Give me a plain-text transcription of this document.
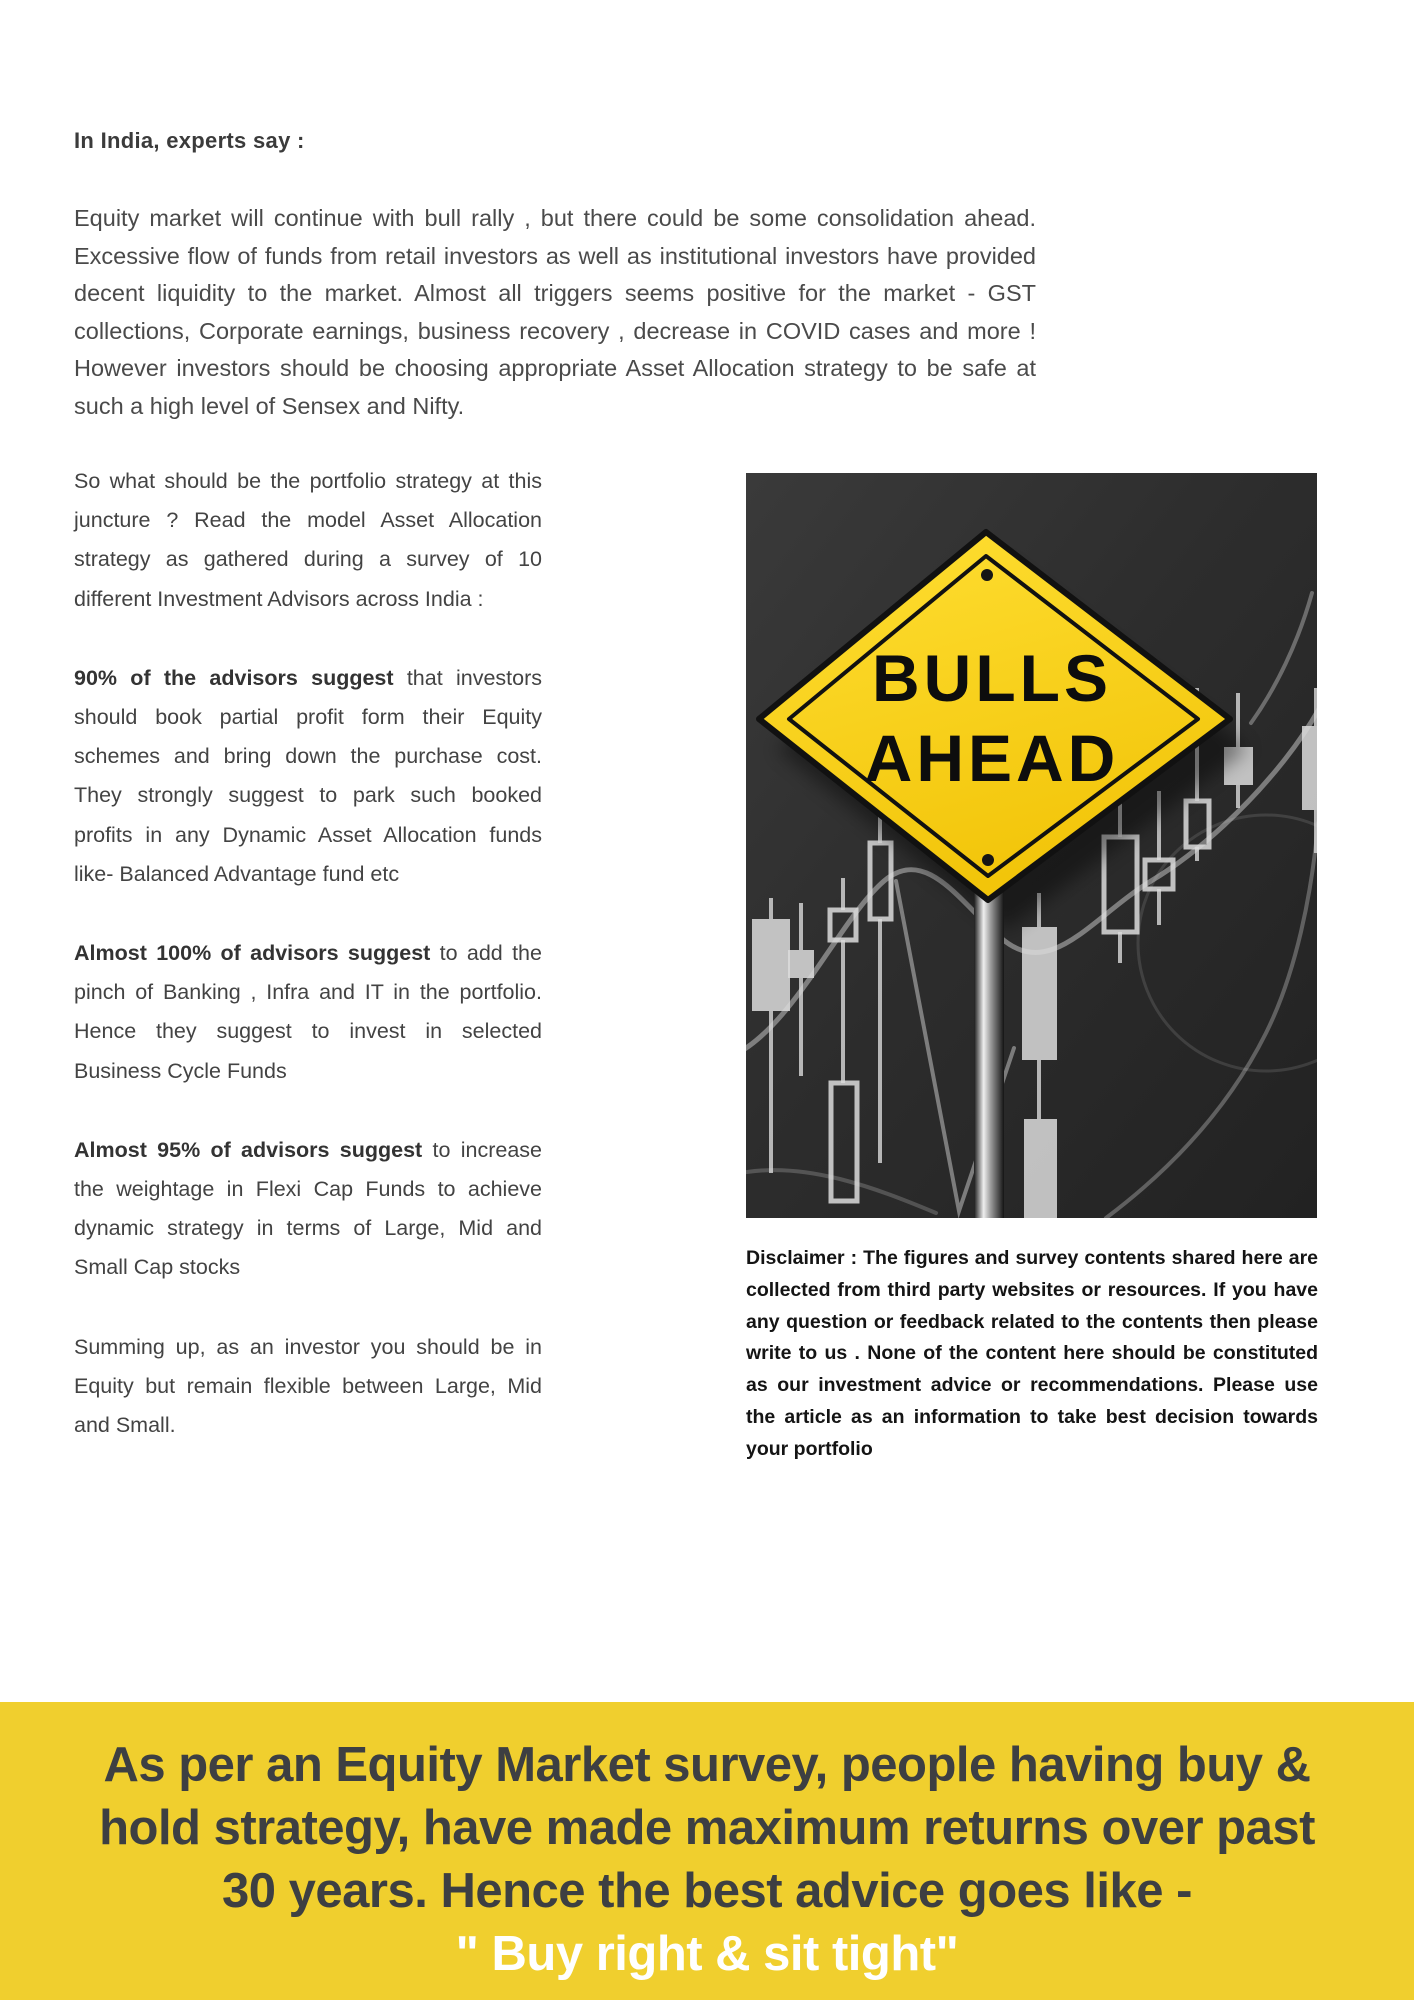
In India, experts say :
Equity market will continue with bull rally , but there could be some consolidation ahead. Excessive flow of funds from retail investors as well as institutional investors have provided decent liquidity to the market. Almost all triggers seems positive for the market - GST collections, Corporate earnings, business recovery , decrease in COVID cases and more ! However investors should be choosing appropriate Asset Allocation strategy to be safe at such a high level of Sensex and Nifty.

So what should be the portfolio strategy at this juncture ? Read the model Asset Allocation strategy as gathered during a survey of 10 different Investment Advisors across India :

90% of the advisors suggest that investors should book partial profit form their Equity schemes and bring down the purchase cost. They strongly suggest to park such booked profits in any Dynamic Asset Allocation funds like- Balanced Advantage fund etc

Almost 100% of advisors suggest to add the pinch of Banking , Infra and IT in the portfolio. Hence they suggest to invest in selected Business Cycle Funds

Almost 95% of advisors suggest to increase the weightage in Flexi Cap Funds to achieve dynamic strategy in terms of Large, Mid and Small Cap stocks

Summing up, as an investor you should be in Equity but remain flexible between Large, Mid and Small.

BULLS
AHEAD
Disclaimer : The figures and survey contents shared here are collected from third party websites or resources. If you have any question or feedback related to the contents then please write to us . None of the content here should be constituted as our investment advice or recommendations. Please use the article as an information to take best decision towards your portfolio
As per an Equity Market survey, people having buy &
hold strategy, have made maximum returns over past
30 years. Hence the best advice goes like -
" Buy right & sit tight"
